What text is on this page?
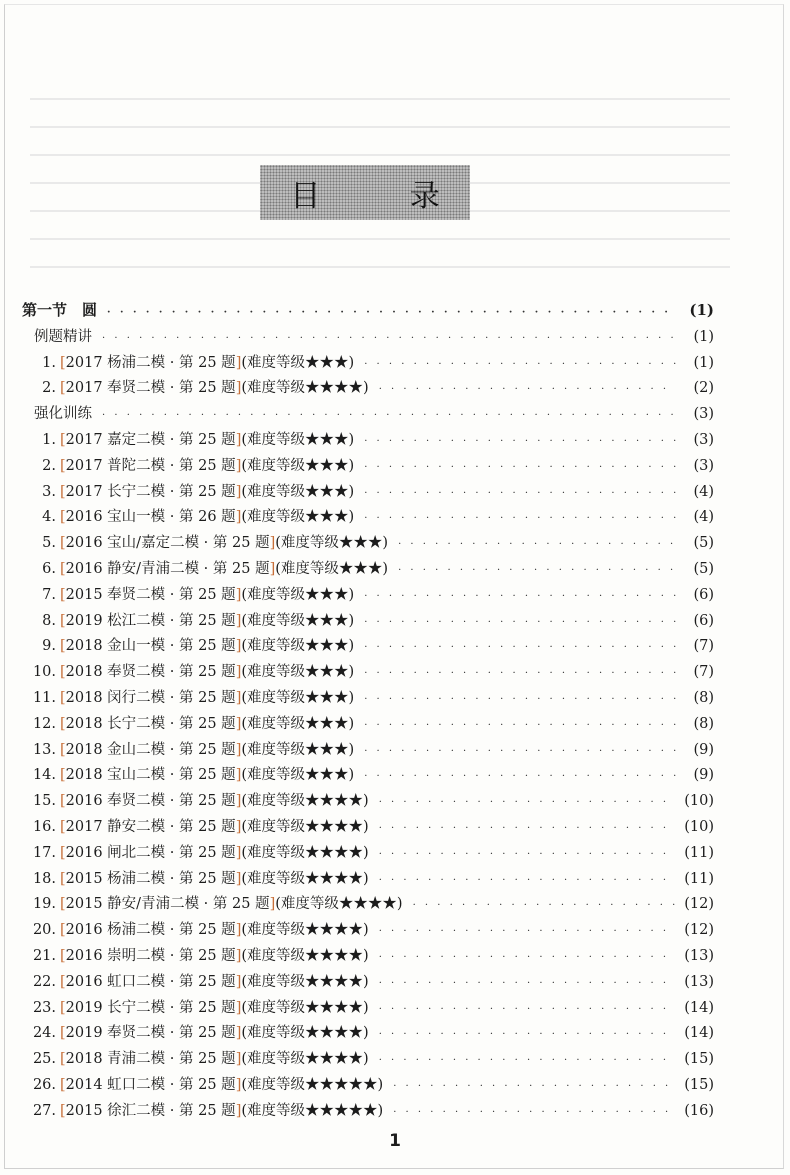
目 录
第一节　圆 · · ·	(1)
例题精讲 · · ·	(1)
1. [ 2017 杨浦二模 · 第 25 题 ] (难度等级★★★) · · ·	(1)
2. [ 2017 奉贤二模 · 第 25 题 ] (难度等级★★★★) · · ·	(2)
强化训练 · · ·	(3)
1. [ 2017 嘉定二模 · 第 25 题 ] (难度等级★★★) · · ·	(3)
2. [ 2017 普陀二模 · 第 25 题 ] (难度等级★★★) · · ·	(3)
3. [ 2017 长宁二模 · 第 25 题 ] (难度等级★★★) · · ·	(4)
4. [ 2016 宝山一模 · 第 26 题 ] (难度等级★★★) · · ·	(4)
5. [ 2016 宝山/嘉定二模 · 第 25 题 ] (难度等级★★★) · · ·	(5)
6. [ 2016 静安/青浦二模 · 第 25 题 ] (难度等级★★★) · · ·	(5)
7. [ 2015 奉贤二模 · 第 25 题 ] (难度等级★★★) · · ·	(6)
8. [ 2019 松江二模 · 第 25 题 ] (难度等级★★★) · · ·	(6)
9. [ 2018 金山一模 · 第 25 题 ] (难度等级★★★) · · ·	(7)
10. [ 2018 奉贤二模 · 第 25 题 ] (难度等级★★★) · · ·	(7)
11. [ 2018 闵行二模 · 第 25 题 ] (难度等级★★★) · · ·	(8)
12. [ 2018 长宁二模 · 第 25 题 ] (难度等级★★★) · · ·	(8)
13. [ 2018 金山二模 · 第 25 题 ] (难度等级★★★) · · ·	(9)
14. [ 2018 宝山二模 · 第 25 题 ] (难度等级★★★) · · ·	(9)
15. [ 2016 奉贤二模 · 第 25 题 ] (难度等级★★★★) · · ·	(10)
16. [ 2017 静安二模 · 第 25 题 ] (难度等级★★★★) · · ·	(10)
17. [ 2016 闸北二模 · 第 25 题 ] (难度等级★★★★) · · ·	(11)
18. [ 2015 杨浦二模 · 第 25 题 ] (难度等级★★★★) · · ·	(11)
19. [ 2015 静安/青浦二模 · 第 25 题 ] (难度等级★★★★) · · ·	(12)
20. [ 2016 杨浦二模 · 第 25 题 ] (难度等级★★★★) · · ·	(12)
21. [ 2016 崇明二模 · 第 25 题 ] (难度等级★★★★) · · ·	(13)
22. [ 2016 虹口二模 · 第 25 题 ] (难度等级★★★★) · · ·	(13)
23. [ 2019 长宁二模 · 第 25 题 ] (难度等级★★★★) · · ·	(14)
24. [ 2019 奉贤二模 · 第 25 题 ] (难度等级★★★★) · · ·	(14)
25. [ 2018 青浦二模 · 第 25 题 ] (难度等级★★★★) · · ·	(15)
26. [ 2014 虹口二模 · 第 25 题 ] (难度等级★★★★★) · · ·	(15)
27. [ 2015 徐汇二模 · 第 25 题 ] (难度等级★★★★★) · · ·	(16)
1
